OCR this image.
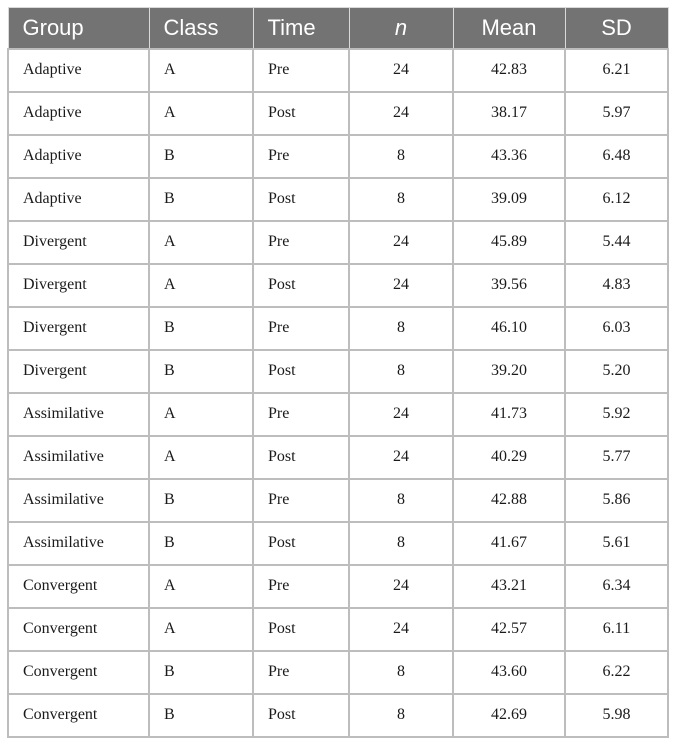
Group	Class	Time	n	Mean	SD
Adaptive	A	Pre	24	42.83	6.21
Adaptive	A	Post	24	38.17	5.97
Adaptive	B	Pre	8	43.36	6.48
Adaptive	B	Post	8	39.09	6.12
Divergent	A	Pre	24	45.89	5.44
Divergent	A	Post	24	39.56	4.83
Divergent	B	Pre	8	46.10	6.03
Divergent	B	Post	8	39.20	5.20
Assimilative	A	Pre	24	41.73	5.92
Assimilative	A	Post	24	40.29	5.77
Assimilative	B	Pre	8	42.88	5.86
Assimilative	B	Post	8	41.67	5.61
Convergent	A	Pre	24	43.21	6.34
Convergent	A	Post	24	42.57	6.11
Convergent	B	Pre	8	43.60	6.22
Convergent	B	Post	8	42.69	5.98
